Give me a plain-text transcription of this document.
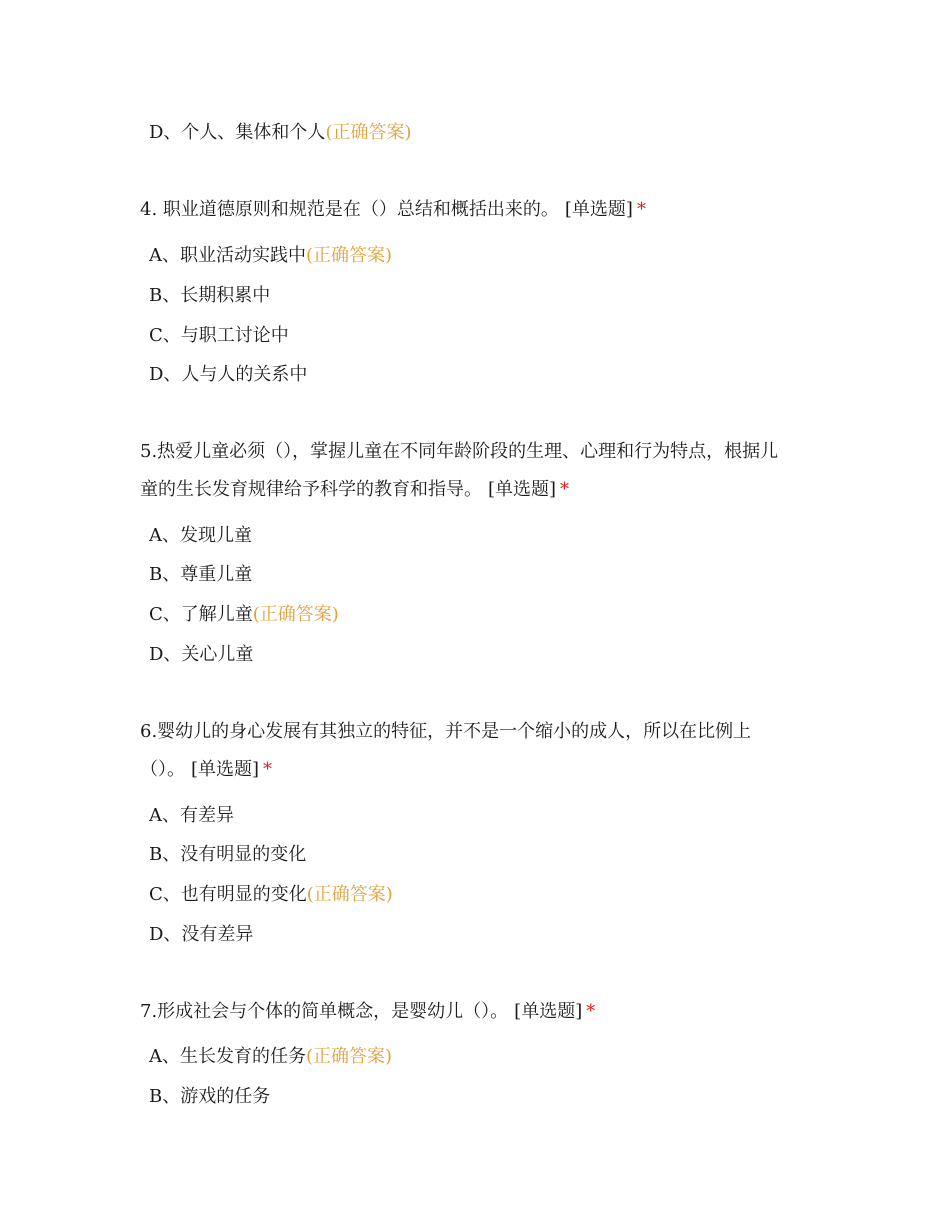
D、个人、集体和个人(正确答案)
4. 职业道德原则和规范是在（）总结和概括出来的。 [单选题] *
A、职业活动实践中(正确答案)
B、长期积累中
C、与职工讨论中
D、人与人的关系中
5.热爱儿童必须（），掌握儿童在不同年龄阶段的生理、心理和行为特点，根据儿
童的生长发育规律给予科学的教育和指导。 [单选题] *
A、发现儿童
B、尊重儿童
C、了解儿童(正确答案)
D、关心儿童
6.婴幼儿的身心发展有其独立的特征，并不是一个缩小的成人，所以在比例上
（）。 [单选题] *
A、有差异
B、没有明显的变化
C、也有明显的变化(正确答案)
D、没有差异
7.形成社会与个体的简单概念，是婴幼儿（）。 [单选题] *
A、生长发育的任务(正确答案)
B、游戏的任务
